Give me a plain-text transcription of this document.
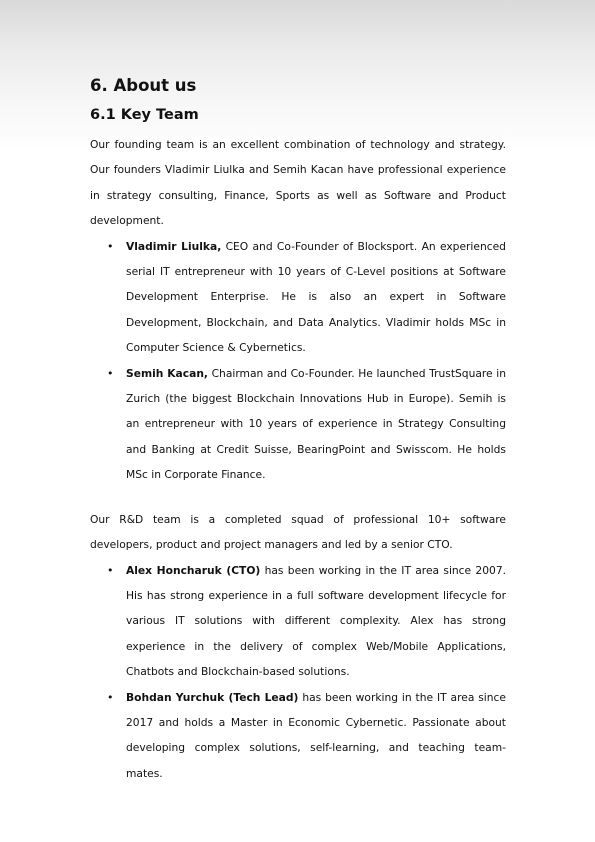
6. About us
6.1 Key Team

Our founding team is an excellent combination of technology and strategy. Our founders Vladimir Liulka and Semih Kacan have professional experience in strategy consulting, Finance, Sports as well as Software and Product development.

• Vladimir Liulka, CEO and Co-Founder of Blocksport. An experienced serial IT entrepreneur with 10 years of C-Level positions at Software Development Enterprise. He is also an expert in Software Development, Blockchain, and Data Analytics. Vladimir holds MSc in Computer Science & Cybernetics.
• Semih Kacan, Chairman and Co-Founder. He launched TrustSquare in Zurich (the biggest Blockchain Innovations Hub in Europe). Semih is an entrepreneur with 10 years of experience in Strategy Consulting and Banking at Credit Suisse, BearingPoint and Swisscom. He holds MSc in Corporate Finance.

Our R&D team is a completed squad of professional 10+ software developers, product and project managers and led by a senior CTO.

• Alex Honcharuk (CTO) has been working in the IT area since 2007. His has strong experience in a full software development lifecycle for various IT solutions with different complexity. Alex has strong experience in the delivery of complex Web/Mobile Applications, Chatbots and Blockchain-based solutions.
• Bohdan Yurchuk (Tech Lead) has been working in the IT area since 2017 and holds a Master in Economic Cybernetic. Passionate about developing complex solutions, self-learning, and teaching team-mates.
